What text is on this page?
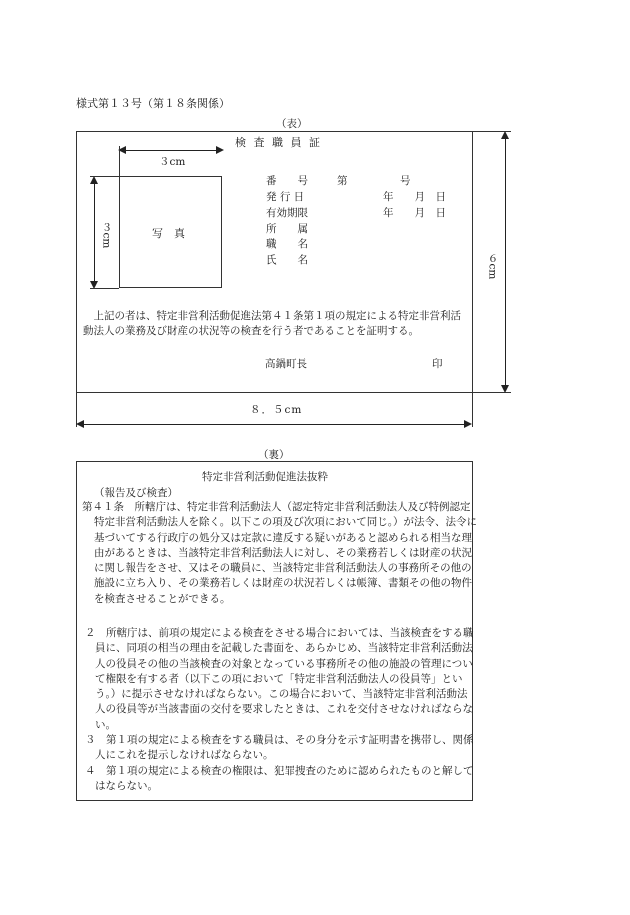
様式第１３号（第１８条関係）
（表）
検 査 職 員 証
３cm
写　真
３cm
番　　号	第　　　　　号
発 行 日	年　　月　日
有効期限	年　　月　日
所　　属
職　　名
氏　　名
　上記の者は、特定非営利活動促進法第４１条第１項の規定による特定非営利活動法人の業務及び財産の状況等の検査を行う者であることを証明する。
高鍋町長	印
６cm
８．５cm
（裏）
特定非営利活動促進法抜粋
（報告及び検査）
第４１条　所轄庁は、特定非営利活動法人（認定特定非営利活動法人及び特例認定特定非営利活動法人を除く。以下この項及び次項において同じ。）が法令、法令に基づいてする行政庁の処分又は定款に違反する疑いがあると認められる相当な理由があるときは、当該特定非営利活動法人に対し、その業務若しくは財産の状況に関し報告をさせ、又はその職員に、当該特定非営利活動法人の事務所その他の施設に立ち入り、その業務若しくは財産の状況若しくは帳簿、書類その他の物件を検査させることができる。
２　所轄庁は、前項の規定による検査をさせる場合においては、当該検査をする職員に、同項の相当の理由を記載した書面を、あらかじめ、当該特定非営利活動法人の役員その他の当該検査の対象となっている事務所その他の施設の管理について権限を有する者（以下この項において「特定非営利活動法人の役員等」という。）に提示させなければならない。この場合において、当該特定非営利活動法人の役員等が当該書面の交付を要求したときは、これを交付させなければならない。
３　第１項の規定による検査をする職員は、その身分を示す証明書を携帯し、関係人にこれを提示しなければならない。
４　第１項の規定による検査の権限は、犯罪捜査のために認められたものと解してはならない。
